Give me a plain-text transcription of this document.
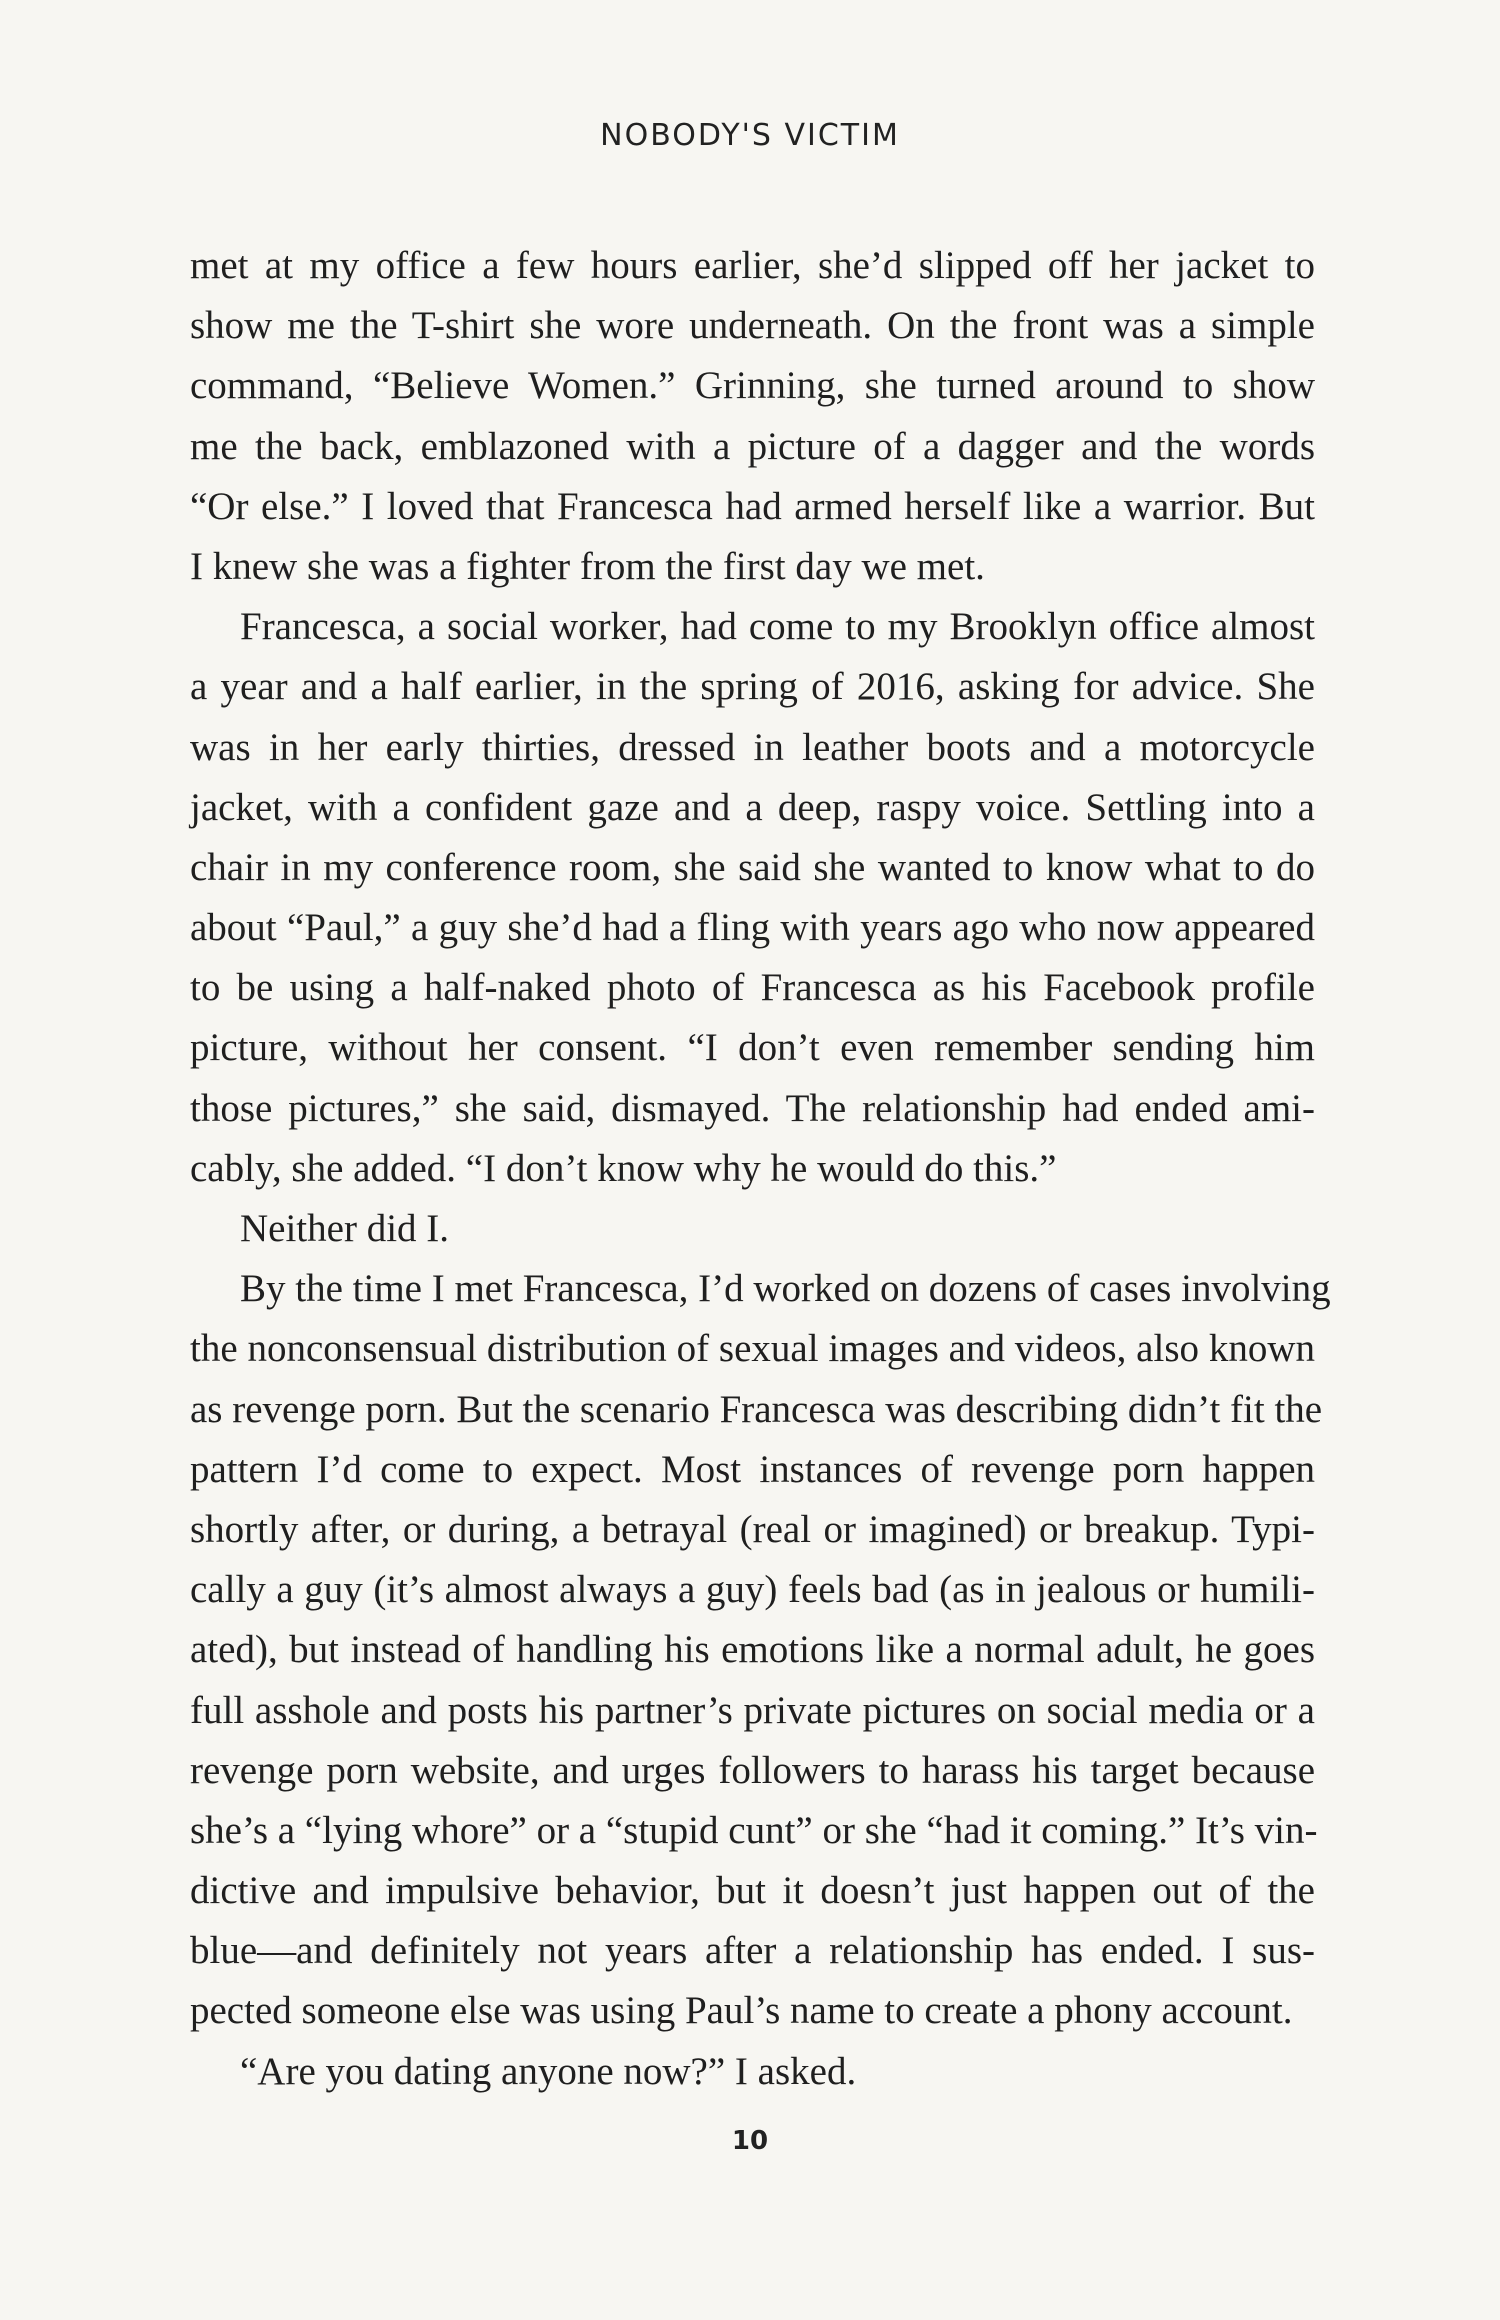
NOBODY'S VICTIM
met at my office a few hours earlier, she’d slipped off her jacket to
show me the T-shirt she wore underneath. On the front was a simple
command, “Believe Women.” Grinning, she turned around to show
me the back, emblazoned with a picture of a dagger and the words
“Or else.” I loved that Francesca had armed herself like a warrior. But
I knew she was a fighter from the first day we met.
Francesca, a social worker, had come to my Brooklyn office almost
a year and a half earlier, in the spring of 2016, asking for advice. She
was in her early thirties, dressed in leather boots and a motorcycle
jacket, with a confident gaze and a deep, raspy voice. Settling into a
chair in my conference room, she said she wanted to know what to do
about “Paul,” a guy she’d had a fling with years ago who now appeared
to be using a half-naked photo of Francesca as his Facebook profile
picture, without her consent. “I don’t even remember sending him
those pictures,” she said, dismayed. The relationship had ended ami-
cably, she added. “I don’t know why he would do this.”
Neither did I.
By the time I met Francesca, I’d worked on dozens of cases involving
the nonconsensual distribution of sexual images and videos, also known
as revenge porn. But the scenario Francesca was describing didn’t fit the
pattern I’d come to expect. Most instances of revenge porn happen
shortly after, or during, a betrayal (real or imagined) or breakup. Typi-
cally a guy (it’s almost always a guy) feels bad (as in jealous or humili-
ated), but instead of handling his emotions like a normal adult, he goes
full asshole and posts his partner’s private pictures on social media or a
revenge porn website, and urges followers to harass his target because
she’s a “lying whore” or a “stupid cunt” or she “had it coming.” It’s vin-
dictive and impulsive behavior, but it doesn’t just happen out of the
blue—and definitely not years after a relationship has ended. I sus-
pected someone else was using Paul’s name to create a phony account.
“Are you dating anyone now?” I asked.
10
